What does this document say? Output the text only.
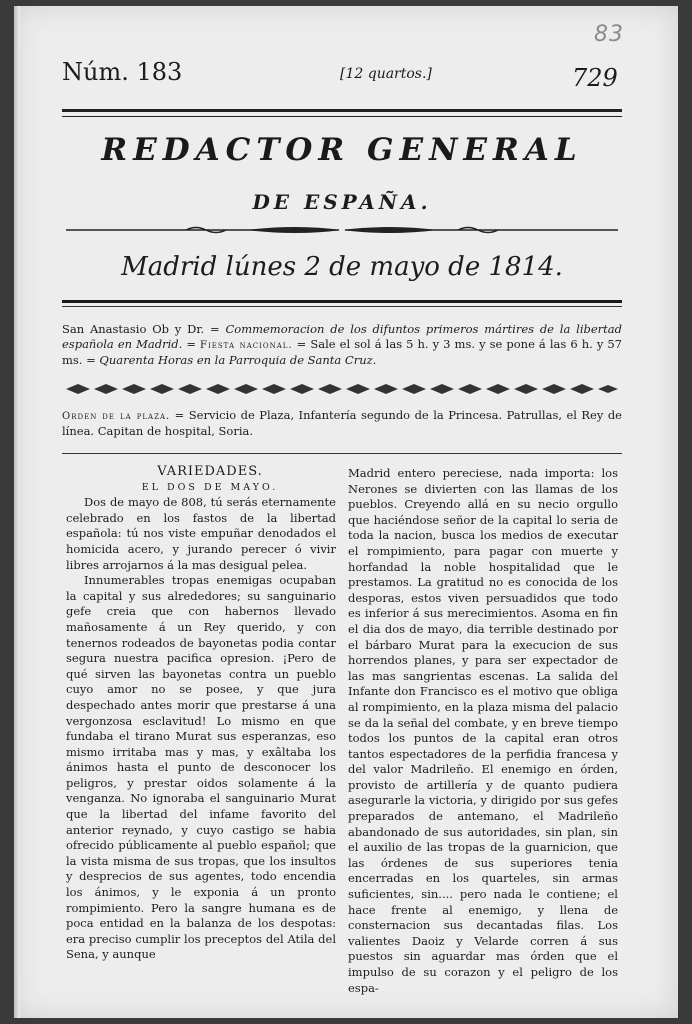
83
Núm. 183	[12 quartos.]	729
REDACTOR GENERAL
DE ESPAÑA.
Madrid lúnes 2 de mayo de 1814.
San Anastasio Ob y Dr. = Commemoracion de los difuntos primeros mártires de la libertad española en Madrid. = Fiesta nacional. = Sale el sol á las 5 h. y 3 ms. y se pone á las 6 h. y 57 ms. = Quarenta Horas en la Parroquia de Santa Cruz.
Orden de la plaza. = Servicio de Plaza, Infantería segundo de la Princesa. Patrullas, el Rey de línea. Capitan de hospital, Soria.

VARIEDADES.

EL DOS DE MAYO.

Dos de mayo de 808, tú serás eternamente celebrado en los fastos de la libertad española: tú nos viste empuñar denodados el homicida acero, y jurando perecer ó vivir libres arrojarnos á la mas desigual pelea.

Innumerables tropas enemigas ocupaban la capital y sus alrededores; su sanguinario gefe creia que con habernos llevado mañosamente á un Rey querido, y con tenernos rodeados de bayonetas podia contar segura nuestra pacifica opresion. ¡Pero de qué sirven las bayonetas contra un pueblo cuyo amor no se posee, y que jura despechado antes morir que prestarse á una vergonzosa esclavitud! Lo mismo en que fundaba el tirano Murat sus esperanzas, eso mismo irritaba mas y mas, y exâltaba los ánimos hasta el punto de desconocer los peligros, y prestar oidos solamente á la venganza. No ignoraba el sanguinario Murat que la libertad del infame favorito del anterior reynado, y cuyo castigo se habia ofrecido públicamente al pueblo español; que la vista misma de sus tropas, que los insultos y desprecios de sus agentes, todo encendia los ánimos, y le exponia á un pronto rompimiento. Pero la sangre humana es de poca entidad en la balanza de los despotas: era preciso cumplir los preceptos del Atila del Sena, y aunque

Madrid entero pereciese, nada importa: los Nerones se divierten con las llamas de los pueblos. Creyendo allá en su necio orgullo que haciéndose señor de la capital lo seria de toda la nacion, busca los medios de executar el rompimiento, para pagar con muerte y horfandad la noble hospitalidad que le prestamos. La gratitud no es conocida de los desporas, estos viven persuadidos que todo es inferior á sus merecimientos. Asoma en fin el dia dos de mayo, dia terrible destinado por el bárbaro Murat para la execucion de sus horrendos planes, y para ser expectador de las mas sangrientas escenas. La salida del Infante don Francisco es el motivo que obliga al rompimiento, en la plaza misma del palacio se da la señal del combate, y en breve tiempo todos los puntos de la capital eran otros tantos espectadores de la perfidia francesa y del valor Madrileño. El enemigo en órden, provisto de artillería y de quanto pudiera asegurarle la victoria, y dirigido por sus gefes preparados de antemano, el Madrileño abandonado de sus autoridades, sin plan, sin el auxilio de las tropas de la guarnicion, que las órdenes de sus superiores tenia encerradas en los quarteles, sin armas suficientes, sin.... pero nada le contiene; el hace frente al enemigo, y llena de consternacion sus decantadas filas. Los valientes Daoiz y Velarde corren á sus puestos sin aguardar mas órden que el impulso de su corazon y el peligro de los espa-
